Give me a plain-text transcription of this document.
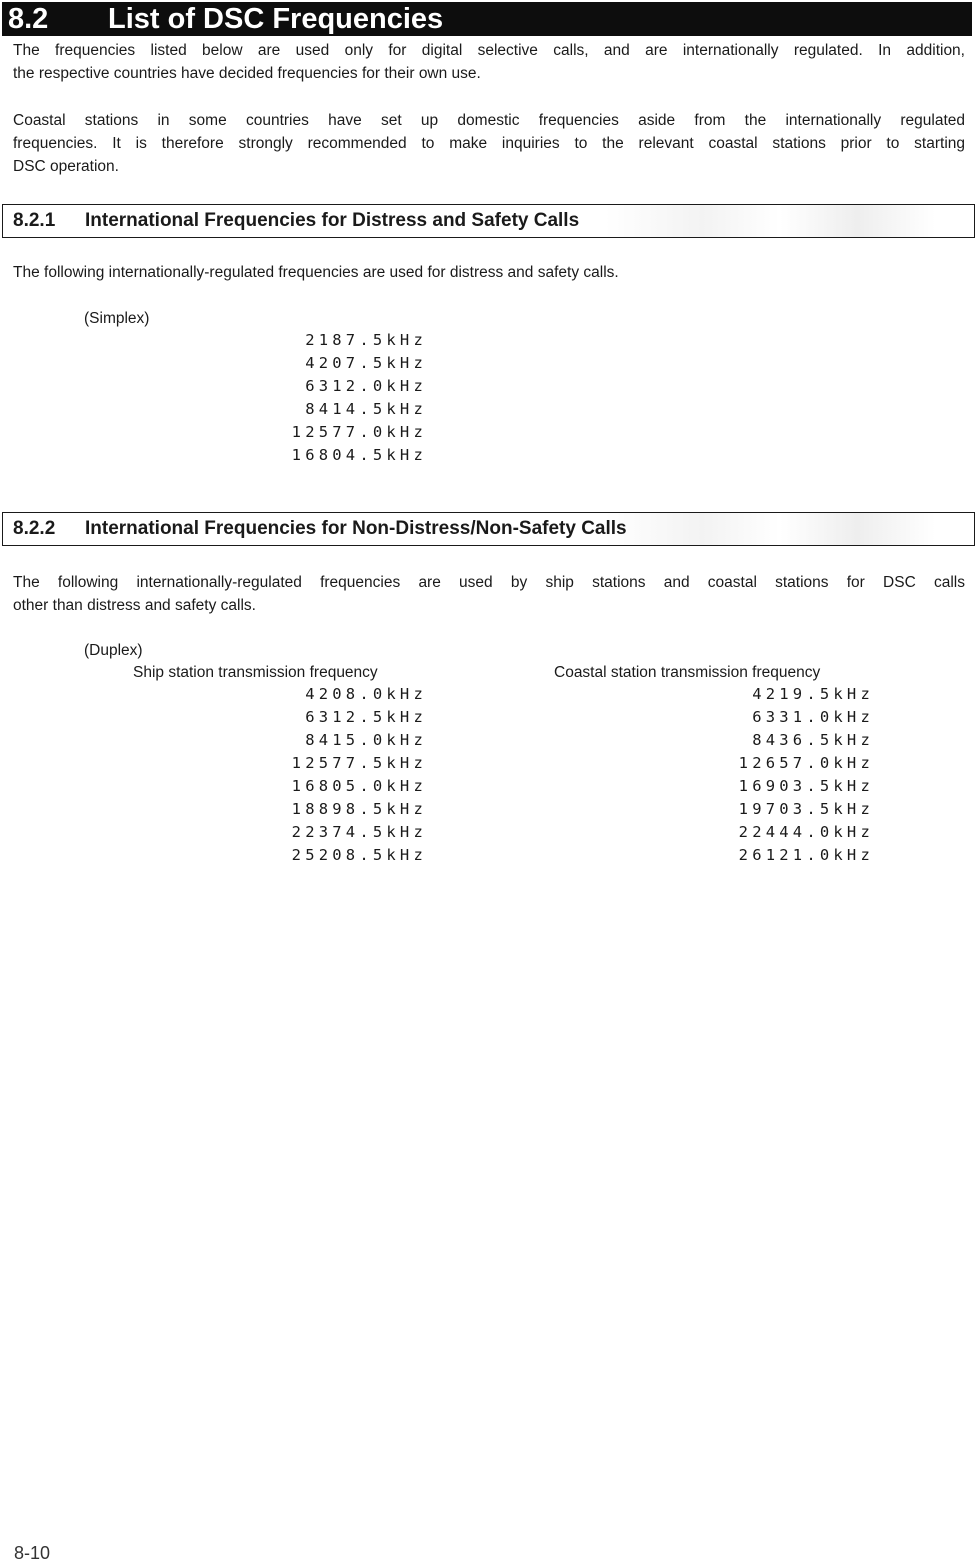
8.2 List of DSC Frequencies

The frequencies listed below are used only for digital selective calls, and are internationally regulated. In addition,
the respective countries have decided frequencies for their own use.

Coastal stations in some countries have set up domestic frequencies aside from the internationally regulated
frequencies. It is therefore strongly recommended to make inquiries to the relevant coastal stations prior to starting
DSC operation.

8.2.1 International Frequencies for Distress and Safety Calls

The following internationally-regulated frequencies are used for distress and safety calls.

(Simplex)
2187.5kHz
4207.5kHz
6312.0kHz
8414.5kHz
12577.0kHz
16804.5kHz
8.2.2 International Frequencies for Non-Distress/Non-Safety Calls

The following internationally-regulated frequencies are used by ship stations and coastal stations for DSC calls
other than distress and safety calls.

(Duplex)
Ship station transmission frequency	Coastal station transmission frequency
4208.0kHz
6312.5kHz
8415.0kHz
12577.5kHz
16805.0kHz
18898.5kHz
22374.5kHz
25208.5kHz
4219.5kHz
6331.0kHz
8436.5kHz
12657.0kHz
16903.5kHz
19703.5kHz
22444.0kHz
26121.0kHz
8-10
